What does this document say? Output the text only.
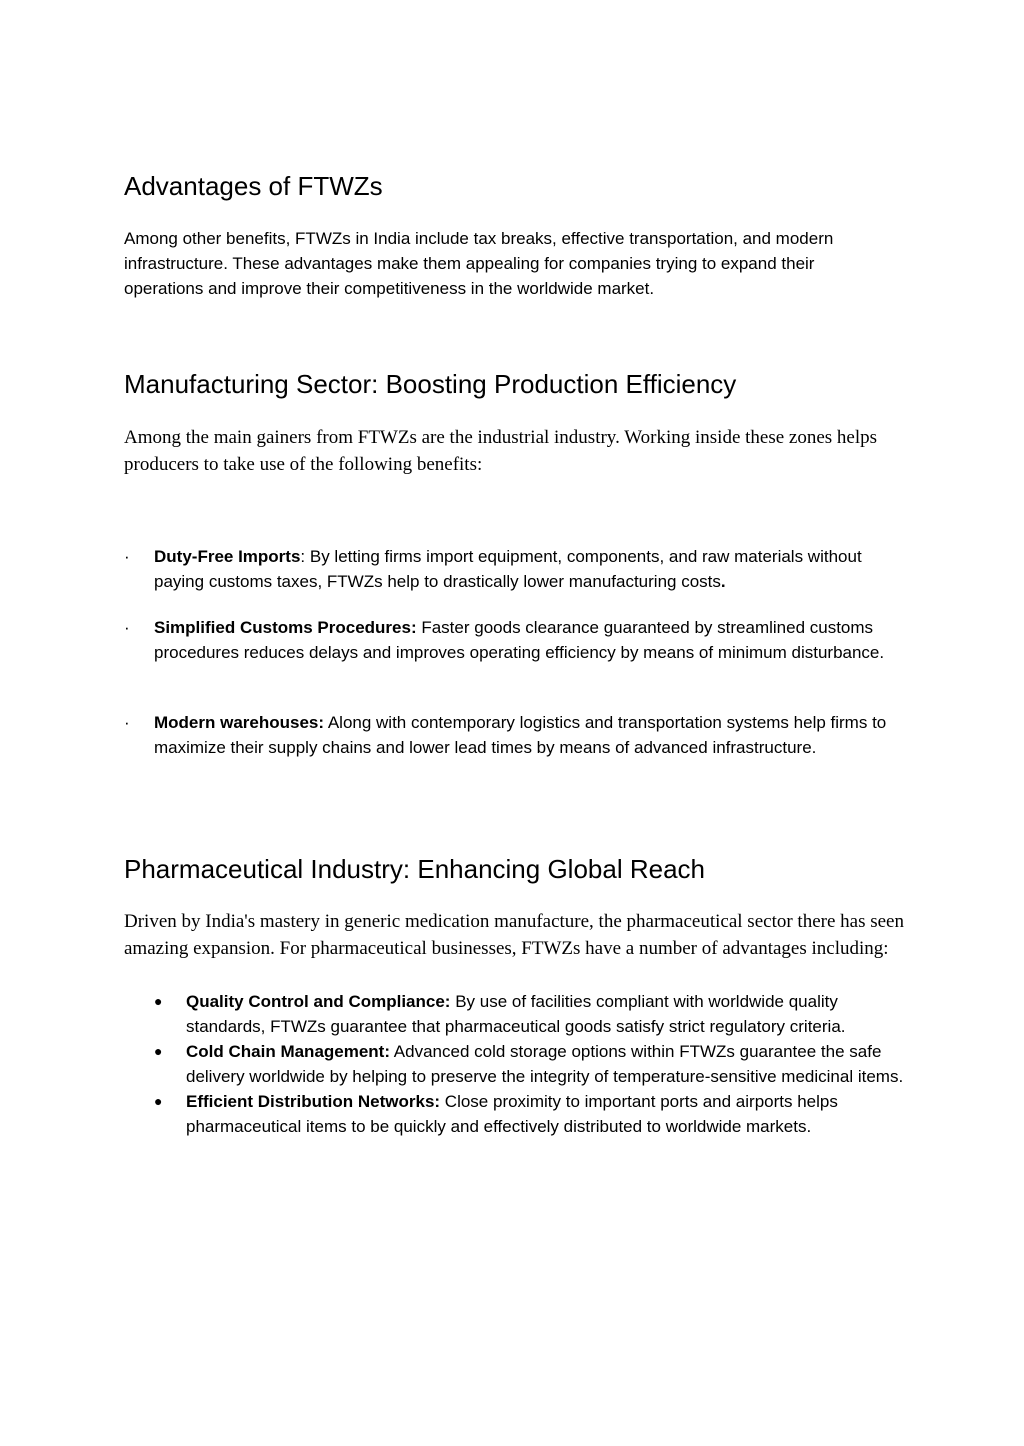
Advantages of FTWZs

Among other benefits, FTWZs in India include tax breaks, effective transportation, and modern infrastructure. These advantages make them appealing for companies trying to expand their operations and improve their competitiveness in the worldwide market.

Manufacturing Sector: Boosting Production Efficiency

Among the main gainers from FTWZs are the industrial industry. Working inside these zones helps producers to take use of the following benefits:

·	Duty-Free Imports: By letting firms import equipment, components, and raw materials without paying customs taxes, FTWZs help to drastically lower manufacturing costs.
·	Simplified Customs Procedures: Faster goods clearance guaranteed by streamlined customs procedures reduces delays and improves operating efficiency by means of minimum disturbance.
·	Modern warehouses: Along with contemporary logistics and transportation systems help firms to maximize their supply chains and lower lead times by means of advanced infrastructure.
Pharmaceutical Industry: Enhancing Global Reach

Driven by India's mastery in generic medication manufacture, the pharmaceutical sector there has seen amazing expansion. For pharmaceutical businesses, FTWZs have a number of advantages including:

●	Quality Control and Compliance: By use of facilities compliant with worldwide quality standards, FTWZs guarantee that pharmaceutical goods satisfy strict regulatory criteria.
●	Cold Chain Management: Advanced cold storage options within FTWZs guarantee the safe delivery worldwide by helping to preserve the integrity of temperature-sensitive medicinal items.
●	Efficient Distribution Networks: Close proximity to important ports and airports helps pharmaceutical items to be quickly and effectively distributed to worldwide markets.
